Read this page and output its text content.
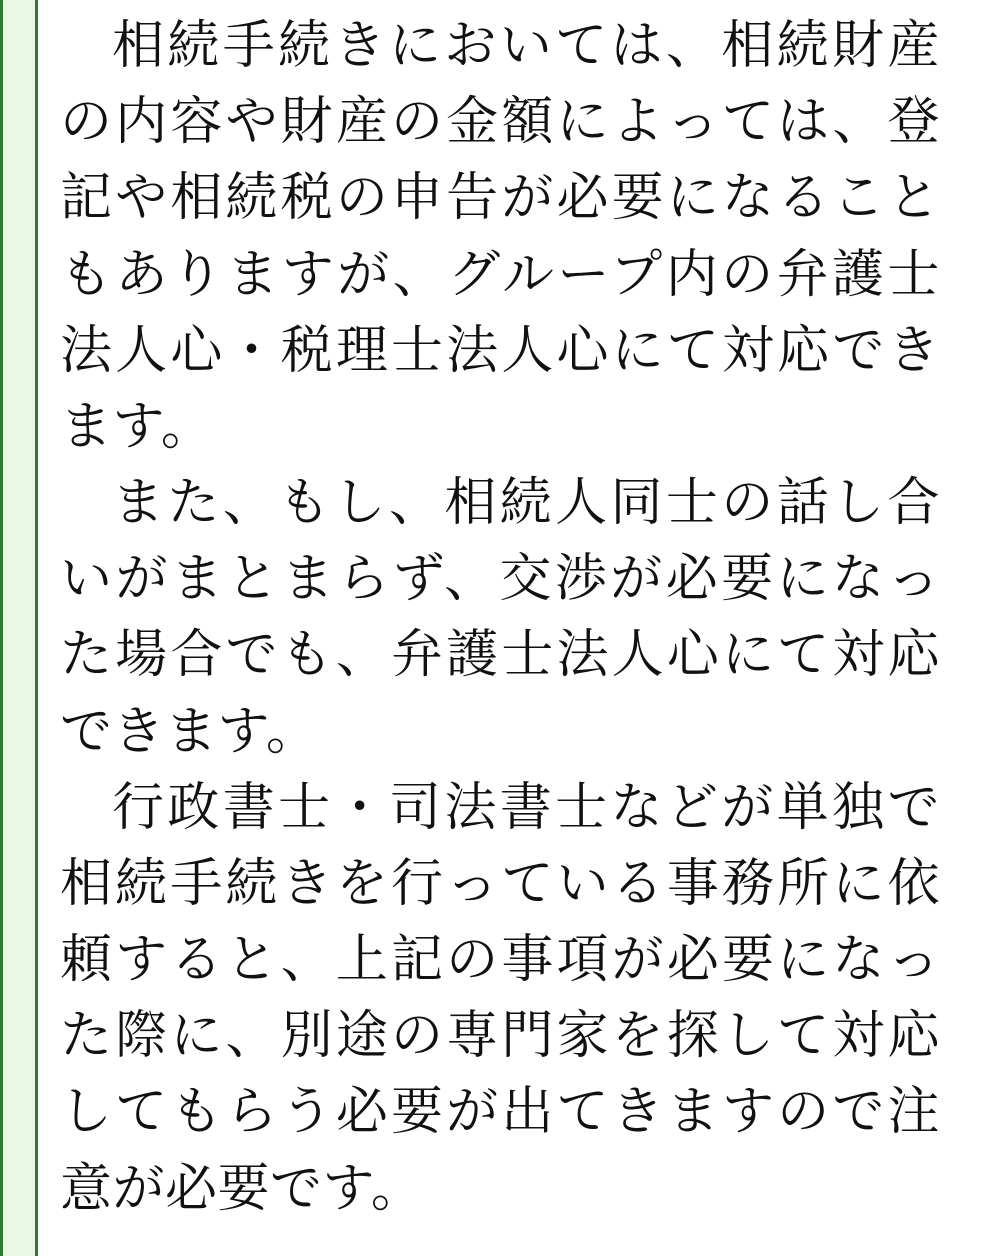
相続手続きにおいては、相続財産の内容や財産の金額によっては、登記や相続税の申告が必要になることもありますが、グループ内の弁護士法人心・税理士法人心にて対応できます。

また、もし、相続人同士の話し合いがまとまらず、交渉が必要になった場合でも、弁護士法人心にて対応できます。

行政書士・司法書士などが単独で相続手続きを行っている事務所に依頼すると、上記の事項が必要になった際に、別途の専門家を探して対応してもらう必要が出てきますので注意が必要です。
